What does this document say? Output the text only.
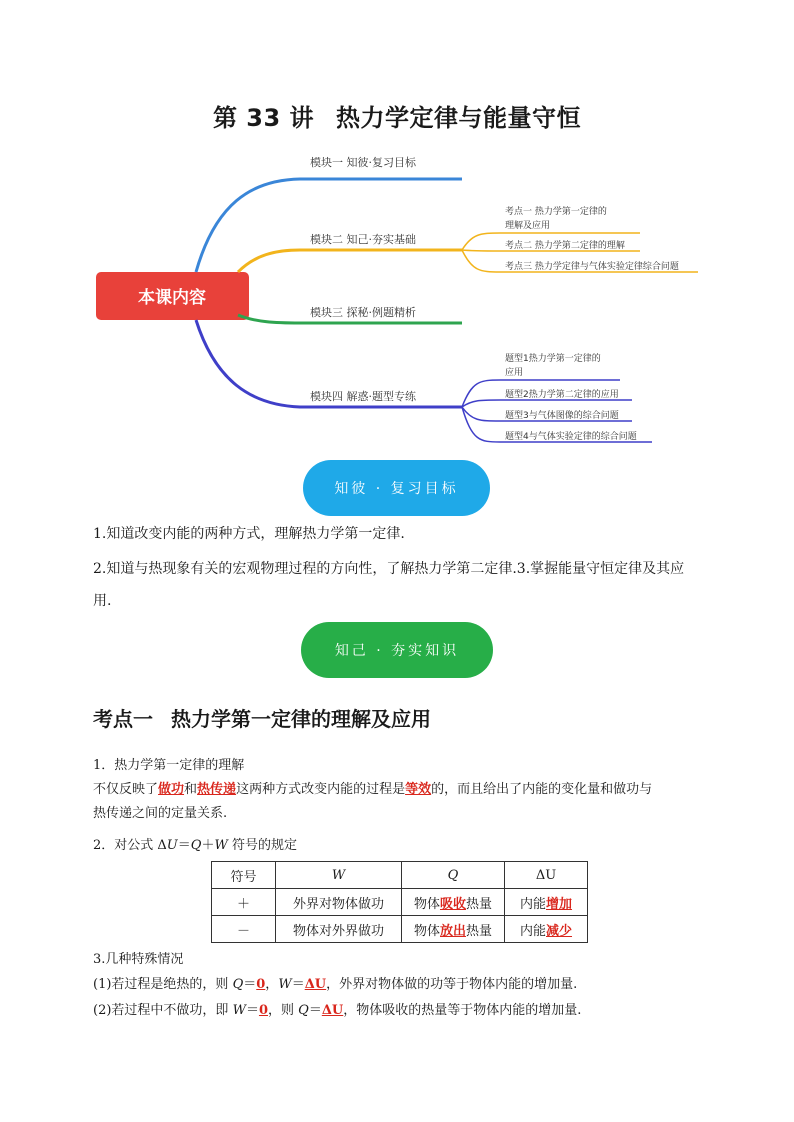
第 33 讲 热力学定律与能量守恒
本课内容
模块一 知彼·复习目标
模块二 知己·夯实基础
模块三 探秘·例题精析
模块四 解惑·题型专练
考点一 热力学第一定律的
理解及应用
考点二 热力学第二定律的理解
考点三 热力学定律与气体实验定律综合问题
题型1热力学第一定律的
应用
题型2热力学第二定律的应用
题型3与气体图像的综合问题
题型4与气体实验定律的综合问题
知彼 · 复习目标
1.知道改变内能的两种方式，理解热力学第一定律.
2.知道与热现象有关的宏观物理过程的方向性，了解热力学第二定律.3.掌握能量守恒定律及其应
用.
知己 · 夯实知识
考点一 热力学第一定律的理解及应用
1．热力学第一定律的理解
不仅反映了做功和热传递这两种方式改变内能的过程是等效的，而且给出了内能的变化量和做功与
热传递之间的定量关系.
2．对公式 ΔU＝Q＋W 符号的规定
符号	W	Q	ΔU
＋	外界对物体做功	物体吸收热量	内能增加
－	物体对外界做功	物体放出热量	内能减少
3.几种特殊情况
(1)若过程是绝热的，则 Q＝0，W＝ΔU，外界对物体做的功等于物体内能的增加量.
(2)若过程中不做功，即 W＝0，则 Q＝ΔU，物体吸收的热量等于物体内能的增加量.
